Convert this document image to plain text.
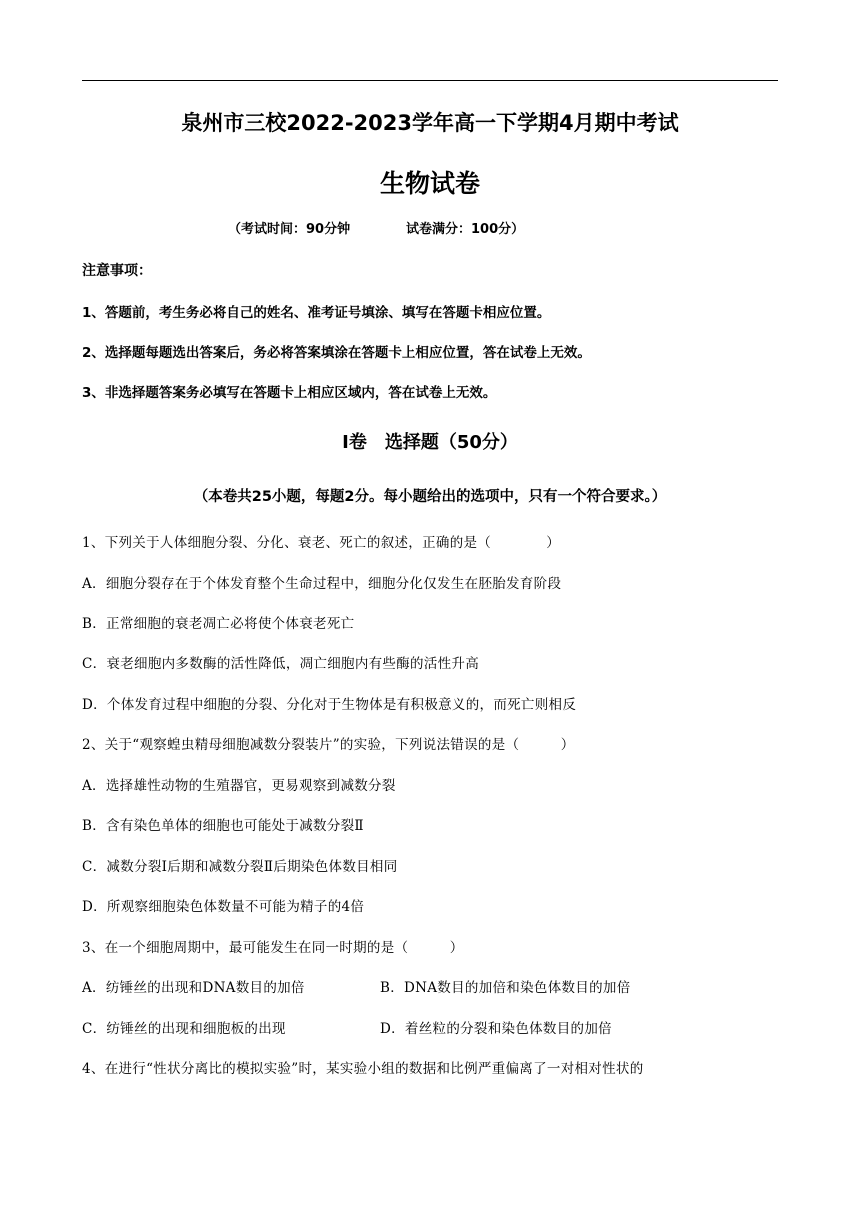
泉州市三校2022-2023学年高一下学期4月期中考试
生物试卷
（考试时间：90分钟	试卷满分：100分）
注意事项：
1、答题前，考生务必将自己的姓名、准考证号填涂、填写在答题卡相应位置。
2、选择题每题选出答案后，务必将答案填涂在答题卡上相应位置，答在试卷上无效。
3、非选择题答案务必填写在答题卡上相应区域内，答在试卷上无效。
Ⅰ卷　选择题（50分）
（本卷共25小题，每题2分。每小题给出的选项中，只有一个符合要求。）
1、下列关于人体细胞分裂、分化、衰老、死亡的叙述，正确的是（　　　　）
A．细胞分裂存在于个体发育整个生命过程中，细胞分化仅发生在胚胎发育阶段
B．正常细胞的衰老凋亡必将使个体衰老死亡
C．衰老细胞内多数酶的活性降低，凋亡细胞内有些酶的活性升高
D．个体发育过程中细胞的分裂、分化对于生物体是有积极意义的，而死亡则相反
2、关于“观察蝗虫精母细胞减数分裂装片”的实验，下列说法错误的是（　　　）
A．选择雄性动物的生殖器官，更易观察到减数分裂
B．含有染色单体的细胞也可能处于减数分裂Ⅱ
C．减数分裂Ⅰ后期和减数分裂Ⅱ后期染色体数目相同
D．所观察细胞染色体数量不可能为精子的4倍
3、在一个细胞周期中，最可能发生在同一时期的是（　　　）
A．纺锤丝的出现和DNA数目的加倍	B．DNA数目的加倍和染色体数目的加倍
C．纺锤丝的出现和细胞板的出现	D．着丝粒的分裂和染色体数目的加倍
4、在进行“性状分离比的模拟实验”时，某实验小组的数据和比例严重偏离了一对相对性状的
